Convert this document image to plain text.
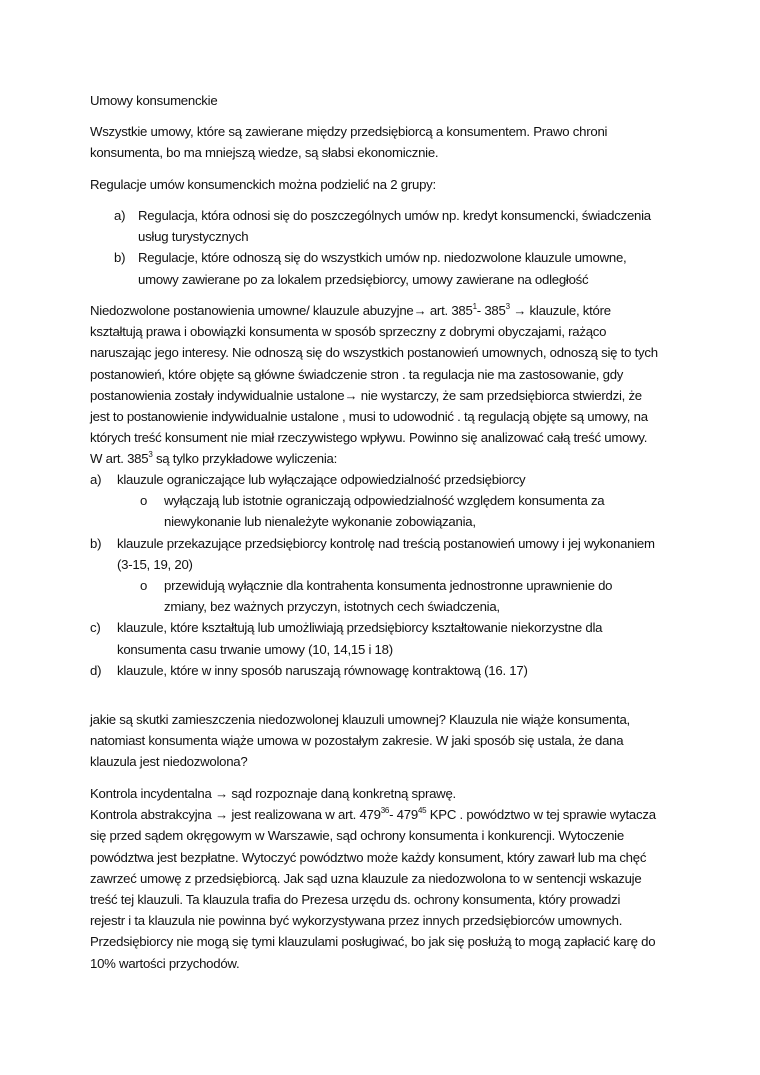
Umowy konsumenckie
Wszystkie umowy, które są zawierane między przedsiębiorcą a konsumentem. Prawo chroni
konsumenta, bo ma mniejszą wiedze, są słabsi ekonomicznie.
Regulacje umów konsumenckich można podzielić na 2 grupy:
a) Regulacja, która odnosi się do poszczególnych umów np. kredyt konsumencki, świadczenia
usług turystycznych
b) Regulacje, które odnoszą się do wszystkich umów np. niedozwolone klauzule umowne,
umowy zawierane po za lokalem przedsiębiorcy, umowy zawierane na odległość
Niedozwolone postanowienia umowne/ klauzule abuzyjne→ art. $385^1-$ $385^3$ → klauzule, które
kształtują prawa i obowiązki konsumenta w sposób sprzeczny z dobrymi obyczajami, rażąco
naruszając jego interesy. Nie odnoszą się do wszystkich postanowień umownych, odnoszą się to tych
postanowień, które objęte są główne świadczenie stron . ta regulacja nie ma zastosowanie, gdy
postanowienia zostały indywidualnie ustalone→ nie wystarczy, że sam przedsiębiorca stwierdzi, że
jest to postanowienie indywidualnie ustalone , musi to udowodnić . tą regulacją objęte są umowy, na
których treść konsument nie miał rzeczywistego wpływu. Powinno się analizować całą treść umowy.
W art. $385^3$ są tylko przykładowe wyliczenia:
a) klauzule ograniczające lub wyłączające odpowiedzialność przedsiębiorcy
o wyłączają lub istotnie ograniczają odpowiedzialność względem konsumenta za
niewykonanie lub nienależyte wykonanie zobowiązania,
b) klauzule przekazujące przedsiębiorcy kontrolę nad treścią postanowień umowy i jej wykonaniem
(3-15, 19, 20)
o przewidują wyłącznie dla kontrahenta konsumenta jednostronne uprawnienie do
zmiany, bez ważnych przyczyn, istotnych cech świadczenia,
c) klauzule, które kształtują lub umożliwiają przedsiębiorcy kształtowanie niekorzystne dla
konsumenta casu trwanie umowy (10, 14,15 i 18)
d) klauzule, które w inny sposób naruszają równowagę kontraktową (16. 17)
jakie są skutki zamieszczenia niedozwolonej klauzuli umownej? Klauzula nie wiąże konsumenta,
natomiast konsumenta wiąże umowa w pozostałym zakresie. W jaki sposób się ustala, że dana
klauzula jest niedozwolona?
Kontrola incydentalna → sąd rozpoznaje daną konkretną sprawę.
Kontrola abstrakcyjna → jest realizowana w art. $479^{36}-$ $479^{45}$ KPC . powództwo w tej sprawie wytacza
się przed sądem okręgowym w Warszawie, sąd ochrony konsumenta i konkurencji. Wytoczenie
powództwa jest bezpłatne. Wytoczyć powództwo może każdy konsument, który zawarł lub ma chęć
zawrzeć umowę z przedsiębiorcą. Jak sąd uzna klauzule za niedozwolona to w sentencji wskazuje
treść tej klauzuli. Ta klauzula trafia do Prezesa urzędu ds. ochrony konsumenta, który prowadzi
rejestr i ta klauzula nie powinna być wykorzystywana przez innych przedsiębiorców umownych.
Przedsiębiorcy nie mogą się tymi klauzulami posługiwać, bo jak się posłużą to mogą zapłacić karę do
10% wartości przychodów.
